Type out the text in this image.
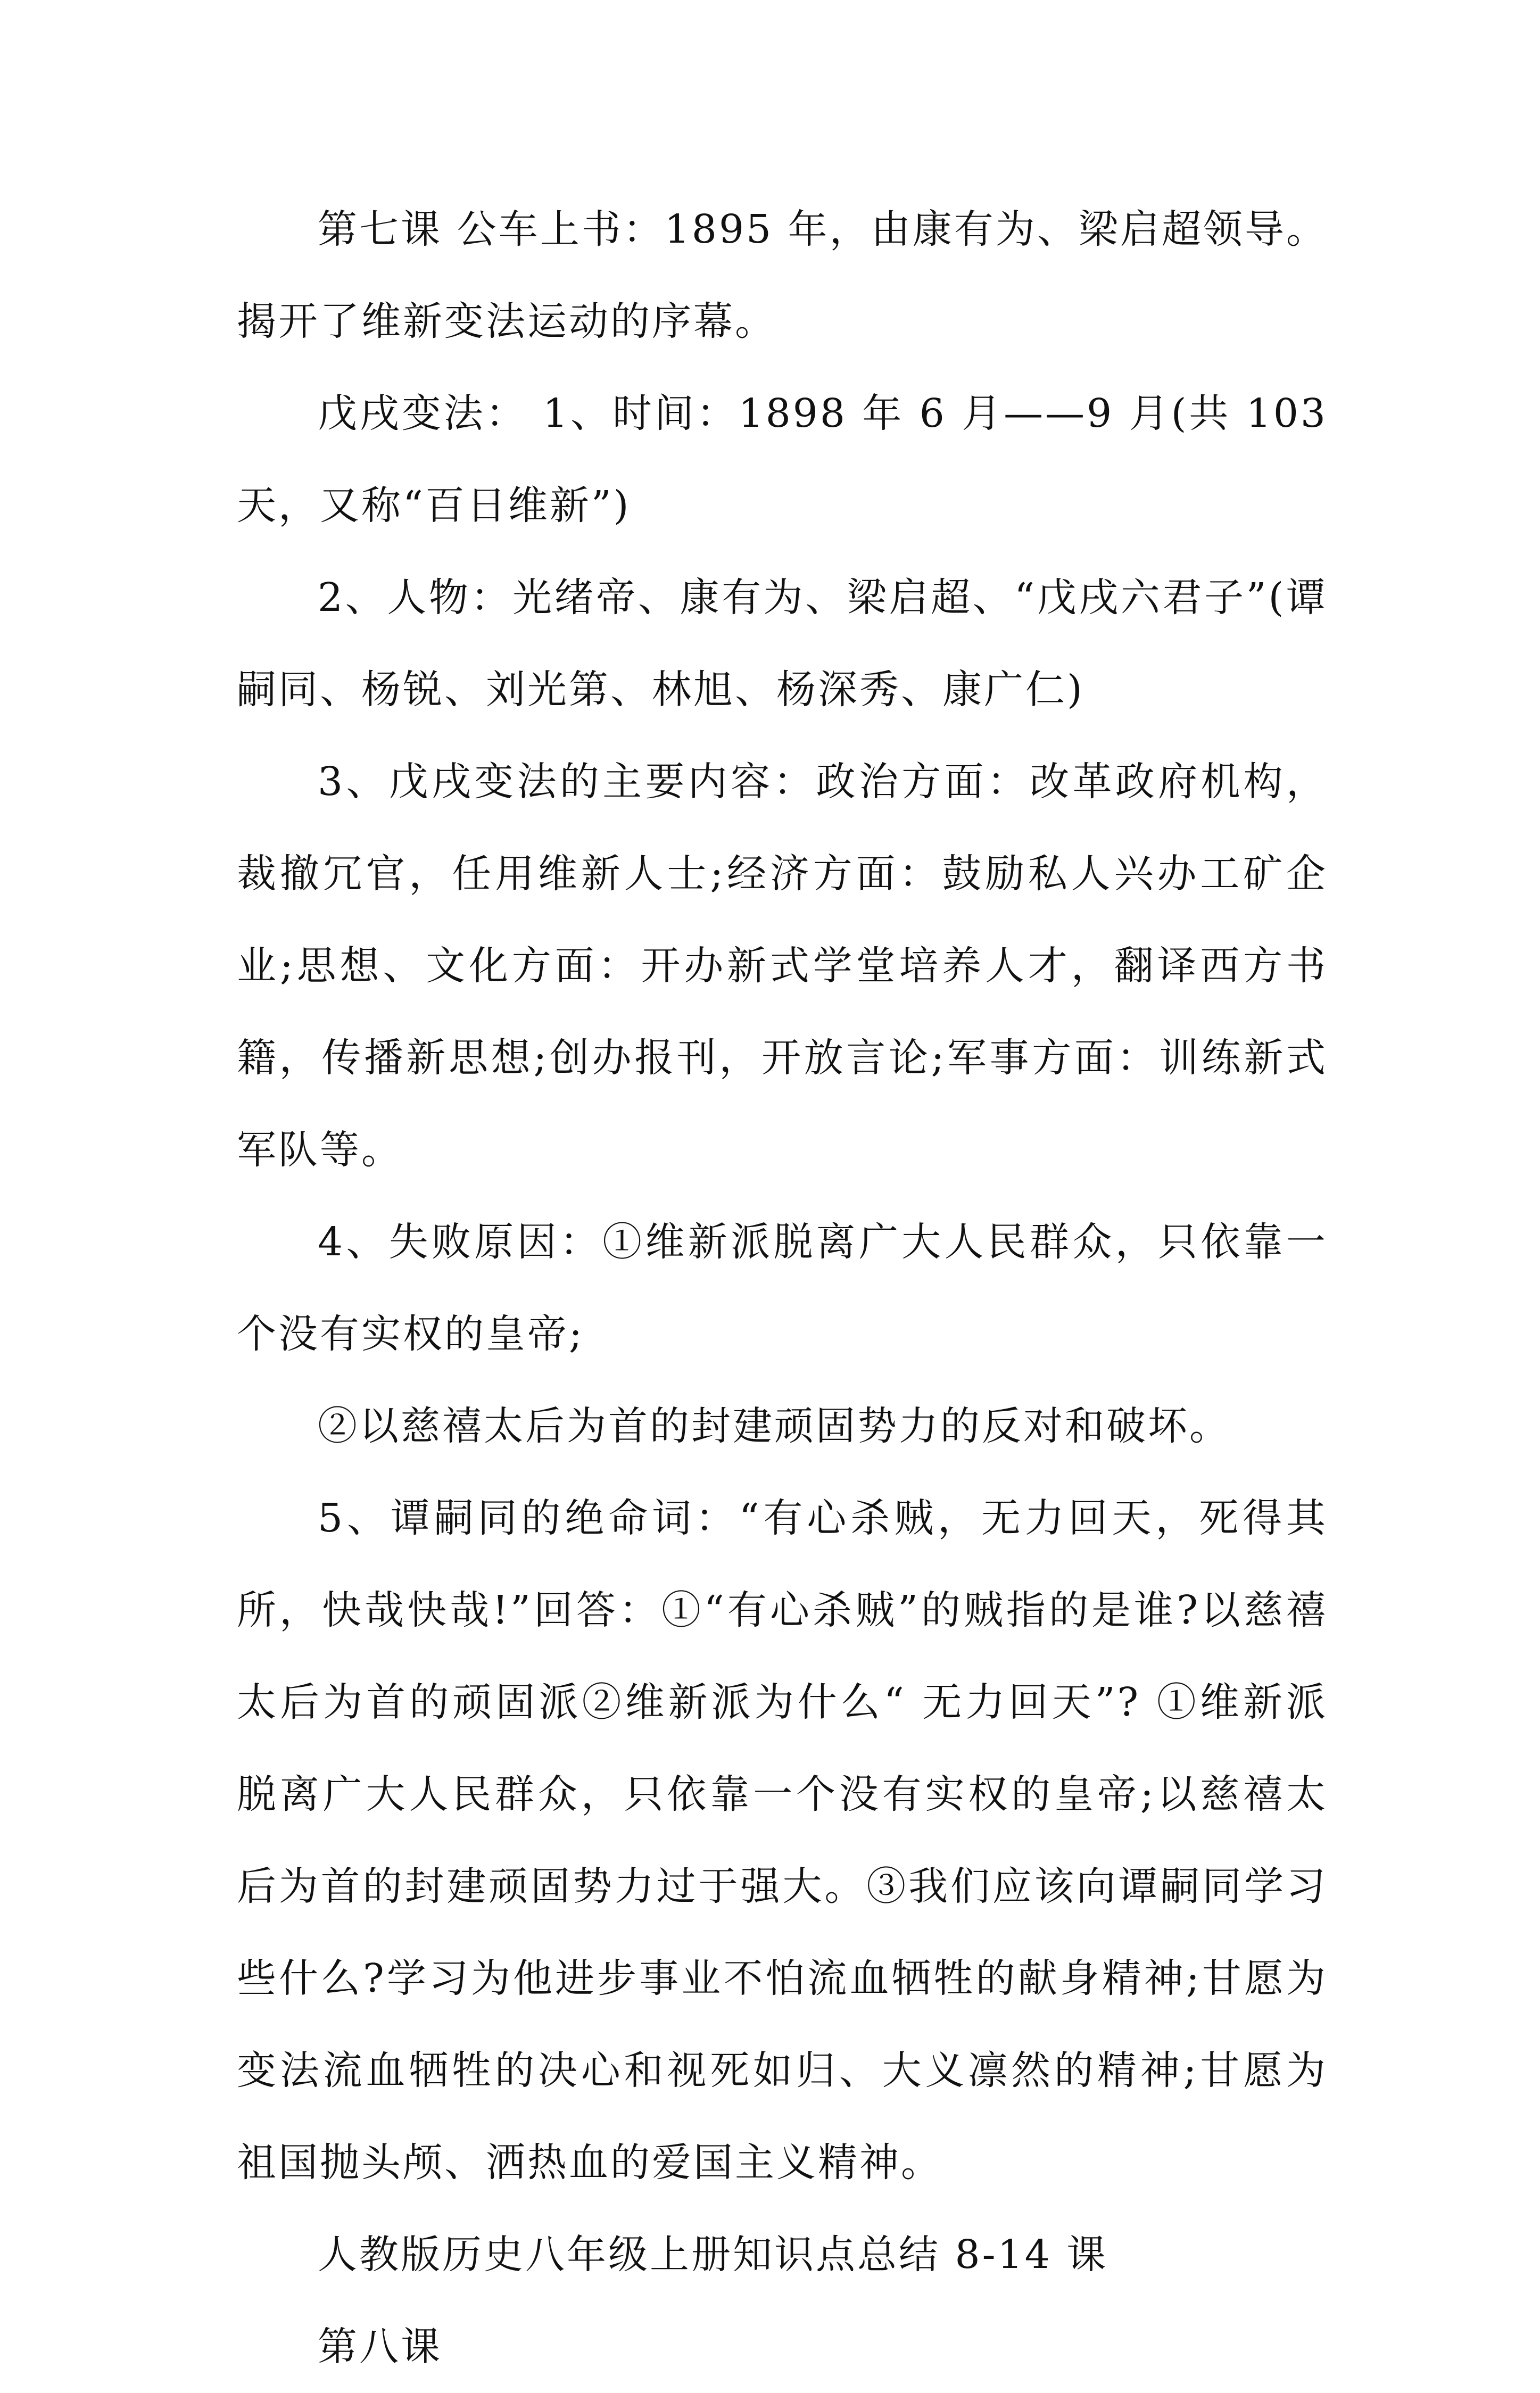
第七课 公车上书：1895 年，由康有为、梁启超领导。揭开了维新变法运动的序幕。

戊戌变法： 1、时间：1898 年 6 月——9 月(共 103 天，又称“百日维新”)

2、人物：光绪帝、康有为、梁启超、“戊戌六君子”(谭嗣同、杨锐、刘光第、林旭、杨深秀、康广仁)

3、戊戌变法的主要内容：政治方面：改革政府机构，裁撤冗官，任用维新人士;经济方面：鼓励私人兴办工矿企业;思想、文化方面：开办新式学堂培养人才，翻译西方书籍，传播新思想;创办报刊，开放言论;军事方面：训练新式军队等。

4、失败原因：①维新派脱离广大人民群众，只依靠一个没有实权的皇帝;

②以慈禧太后为首的封建顽固势力的反对和破坏。

5、谭嗣同的绝命词：“有心杀贼，无力回天，死得其所，快哉快哉!”回答：①“有心杀贼”的贼指的是谁?以慈禧太后为首的顽固派②维新派为什么“ 无力回天”? ①维新派脱离广大人民群众，只依靠一个没有实权的皇帝;以慈禧太后为首的封建顽固势力过于强大。③我们应该向谭嗣同学习些什么?学习为他进步事业不怕流血牺牲的献身精神;甘愿为变法流血牺牲的决心和视死如归、大义凛然的精神;甘愿为祖国抛头颅、洒热血的爱国主义精神。

人教版历史八年级上册知识点总结 8-14 课

第八课
